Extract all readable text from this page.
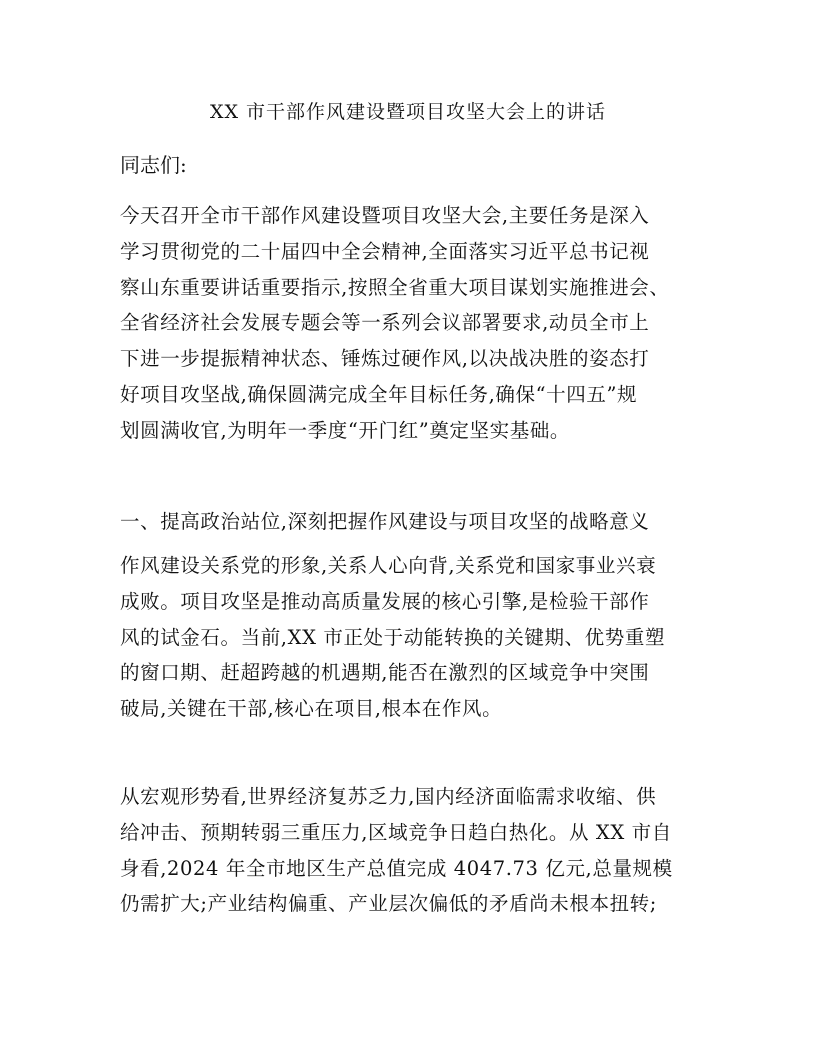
XX 市干部作风建设暨项目攻坚大会上的讲话
同志们:
今天召开全市干部作风建设暨项目攻坚大会,主要任务是深入
学习贯彻党的二十届四中全会精神,全面落实习近平总书记视
察山东重要讲话重要指示,按照全省重大项目谋划实施推进会、
全省经济社会发展专题会等一系列会议部署要求,动员全市上
下进一步提振精神状态、锤炼过硬作风,以决战决胜的姿态打
好项目攻坚战,确保圆满完成全年目标任务,确保“十四五”规
划圆满收官,为明年一季度“开门红”奠定坚实基础。
一、提高政治站位,深刻把握作风建设与项目攻坚的战略意义
作风建设关系党的形象,关系人心向背,关系党和国家事业兴衰
成败。项目攻坚是推动高质量发展的核心引擎,是检验干部作
风的试金石。当前,XX 市正处于动能转换的关键期、优势重塑
的窗口期、赶超跨越的机遇期,能否在激烈的区域竞争中突围
破局,关键在干部,核心在项目,根本在作风。
从宏观形势看,世界经济复苏乏力,国内经济面临需求收缩、供
给冲击、预期转弱三重压力,区域竞争日趋白热化。从 XX 市自
身看,2024 年全市地区生产总值完成 4047.73 亿元,总量规模
仍需扩大;产业结构偏重、产业层次偏低的矛盾尚未根本扭转;
